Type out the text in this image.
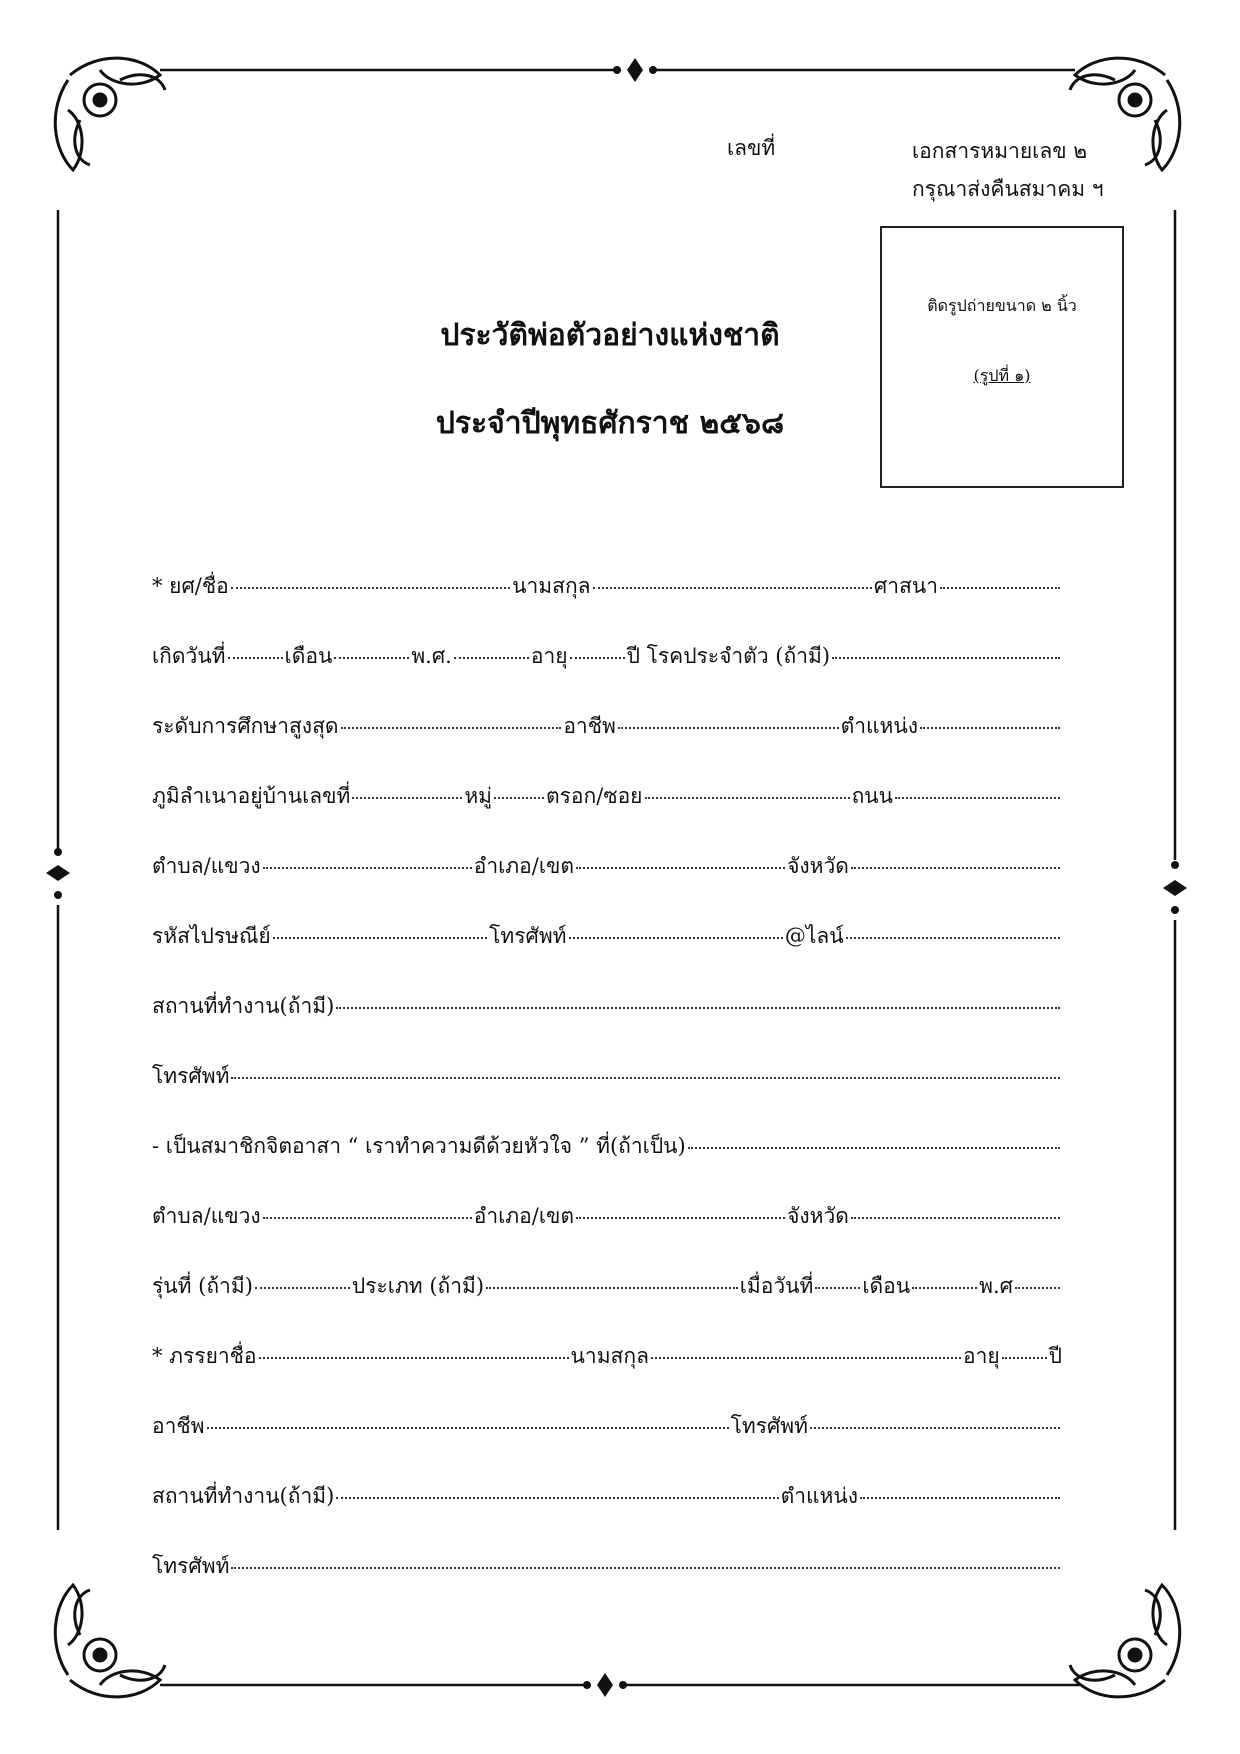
เลขที่	เอกสารหมายเลข ๒
กรุณาส่งคืนสมาคม ฯ
ติดรูปถ่ายขนาด ๒ นิ้ว
(รูปที่ ๑)
ประวัติพ่อตัวอย่างแห่งชาติ
ประจำปีพุทธศักราช ๒๕๖๘
* ยศ/ชื่อ	นามสกุล	ศาสนา
เกิดวันที่	เดือน	พ.ศ.	อายุ	ปี โรคประจำตัว (ถ้ามี)
ระดับการศึกษาสูงสุด	อาชีพ	ตำแหน่ง
ภูมิลำเนาอยู่บ้านเลขที่	หมู่	ตรอก/ซอย	ถนน
ตำบล/แขวง	อำเภอ/เขต	จังหวัด
รหัสไปรษณีย์	โทรศัพท์	@ไลน์
สถานที่ทำงาน(ถ้ามี)
โทรศัพท์
- เป็นสมาชิกจิตอาสา “ เราทำความดีด้วยหัวใจ ” ที่(ถ้าเป็น)
ตำบล/แขวง	อำเภอ/เขต	จังหวัด
รุ่นที่ (ถ้ามี)	ประเภท (ถ้ามี)	เมื่อวันที่ เดือน	พ.ศ
* ภรรยาชื่อ	นามสกุล	อายุ ปี
อาชีพ	โทรศัพท์
สถานที่ทำงาน(ถ้ามี)	ตำแหน่ง
โทรศัพท์
